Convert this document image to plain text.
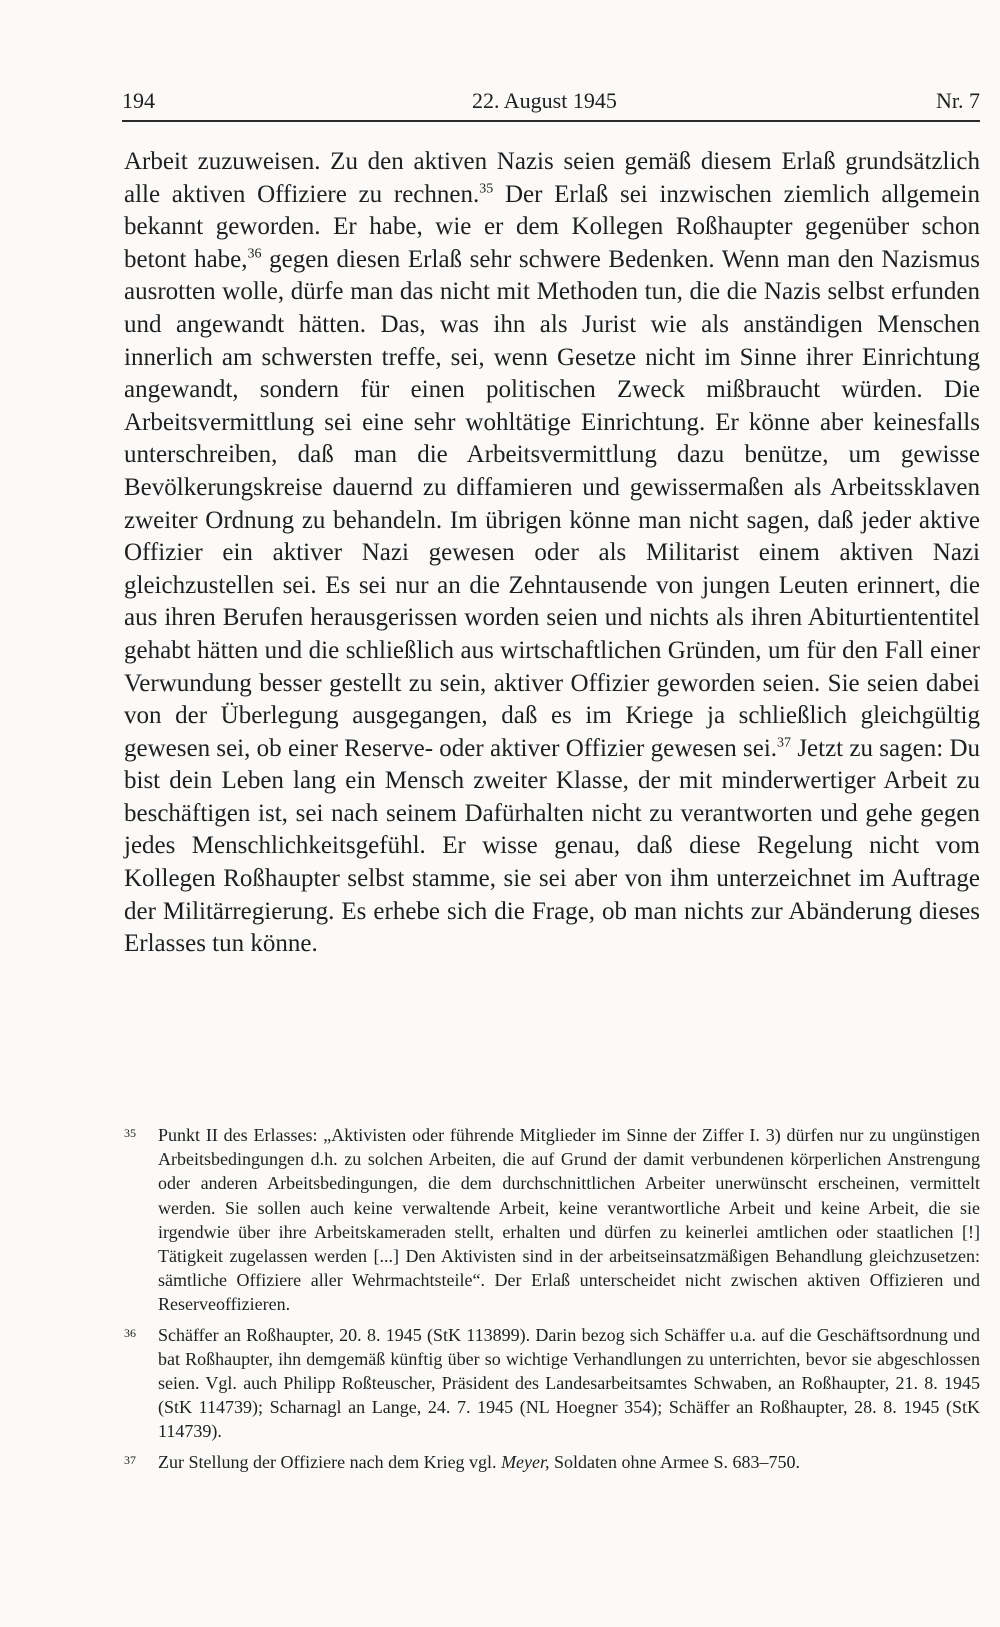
194	22. August 1945	Nr. 7

Arbeit zuzuweisen. Zu den aktiven Nazis seien gemäß diesem Erlaß grundsätzlich alle aktiven Offiziere zu rechnen.$^{35}$ Der Erlaß sei inzwischen ziemlich allgemein bekannt geworden. Er habe, wie er dem Kollegen Roßhaupter gegenüber schon betont habe,$^{36}$ gegen diesen Erlaß sehr schwere Bedenken. Wenn man den Nazismus ausrotten wolle, dürfe man das nicht mit Methoden tun, die die Nazis selbst erfunden und angewandt hätten. Das, was ihn als Jurist wie als anständigen Menschen innerlich am schwersten treffe, sei, wenn Gesetze nicht im Sinne ihrer Einrichtung angewandt, sondern für einen politischen Zweck mißbraucht würden. Die Arbeitsvermittlung sei eine sehr wohltätige Einrichtung. Er könne aber keinesfalls unterschreiben, daß man die Arbeitsvermittlung dazu benütze, um gewisse Bevölkerungskreise dauernd zu diffamieren und gewissermaßen als Arbeitssklaven zweiter Ordnung zu behandeln. Im übrigen könne man nicht sagen, daß jeder aktive Offizier ein aktiver Nazi gewesen oder als Militarist einem aktiven Nazi gleichzustellen sei. Es sei nur an die Zehntausende von jungen Leuten erinnert, die aus ihren Berufen herausgerissen worden seien und nichts als ihren Abiturtiententitel gehabt hätten und die schließlich aus wirtschaftlichen Gründen, um für den Fall einer Verwundung besser gestellt zu sein, aktiver Offizier geworden seien. Sie seien dabei von der Überlegung ausgegangen, daß es im Kriege ja schließlich gleichgültig gewesen sei, ob einer Reserve- oder aktiver Offizier gewesen sei.$^{37}$ Jetzt zu sagen: Du bist dein Leben lang ein Mensch zweiter Klasse, der mit minderwertiger Arbeit zu beschäftigen ist, sei nach seinem Dafürhalten nicht zu verantworten und gehe gegen jedes Menschlichkeitsgefühl. Er wisse genau, daß diese Regelung nicht vom Kollegen Roßhaupter selbst stamme, sie sei aber von ihm unterzeichnet im Auftrage der Militärregierung. Es erhebe sich die Frage, ob man nichts zur Abänderung dieses Erlasses tun könne.

35 Punkt II des Erlasses: „Aktivisten oder führende Mitglieder im Sinne der Ziffer I. 3) dürfen nur zu ungünstigen Arbeitsbedingungen d.h. zu solchen Arbeiten, die auf Grund der damit verbundenen körperlichen Anstrengung oder anderen Arbeitsbedingungen, die dem durchschnittlichen Arbeiter unerwünscht erscheinen, vermittelt werden. Sie sollen auch keine verwaltende Arbeit, keine verantwortliche Arbeit und keine Arbeit, die sie irgendwie über ihre Arbeitskameraden stellt, erhalten und dürfen zu keinerlei amtlichen oder staatlichen [!] Tätigkeit zugelassen werden [...] Den Aktivisten sind in der arbeitseinsatzmäßigen Behandlung gleichzusetzen: sämtliche Offiziere aller Wehrmachtsteile“. Der Erlaß unterscheidet nicht zwischen aktiven Offizieren und Reserveoffizieren.

36 Schäffer an Roßhaupter, 20. 8. 1945 (StK 113899). Darin bezog sich Schäffer u.a. auf die Geschäftsordnung und bat Roßhaupter, ihn demgemäß künftig über so wichtige Verhandlungen zu unterrichten, bevor sie abgeschlossen seien. Vgl. auch Philipp Roßteuscher, Präsident des Landesarbeitsamtes Schwaben, an Roßhaupter, 21. 8. 1945 (StK 114739); Scharnagl an Lange, 24. 7. 1945 (NL Hoegner 354); Schäffer an Roßhaupter, 28. 8. 1945 (StK 114739).

37 Zur Stellung der Offiziere nach dem Krieg vgl. Meyer, Soldaten ohne Armee S. 683–750.
